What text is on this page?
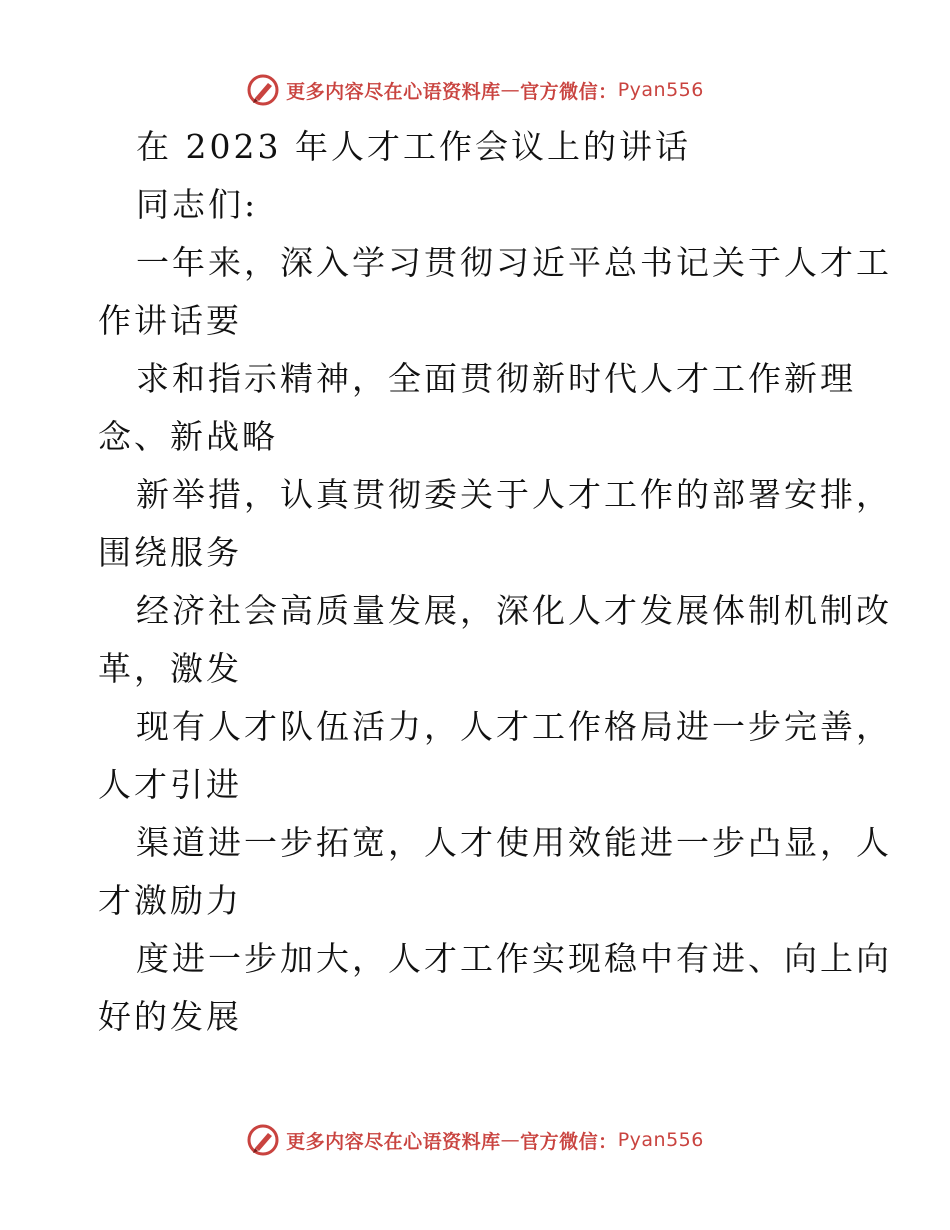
更多内容尽在心语资料库 — 官方微信： Pyan556
在 2023 年人才工作会议上的讲话
同志们:
一年来，深入学习贯彻习近平总书记关于人才工
作讲话要
求和指示精神，全面贯彻新时代人才工作新理
念、新战略
新举措，认真贯彻委关于人才工作的部署安排，
围绕服务
经济社会高质量发展，深化人才发展体制机制改
革，激发
现有人才队伍活力，人才工作格局进一步完善，
人才引进
渠道进一步拓宽，人才使用效能进一步凸显，人
才激励力
度进一步加大，人才工作实现稳中有进、向上向
好的发展
更多内容尽在心语资料库 — 官方微信： Pyan556
